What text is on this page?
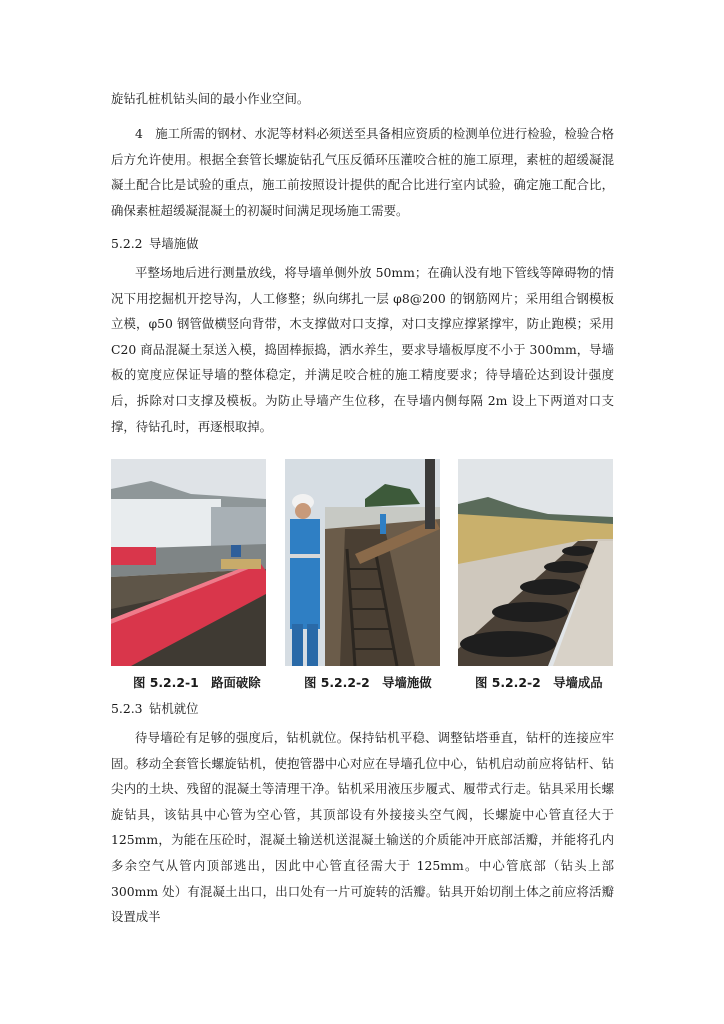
旋钻孔桩机钻头间的最小作业空间。
4　施工所需的钢材、水泥等材料必须送至具备相应资质的检测单位进行检验，检验合格后方允许使用。根据全套管长螺旋钻孔气压反循环压灌咬合桩的施工原理，素桩的超缓凝混凝土配合比是试验的重点，施工前按照设计提供的配合比进行室内试验，确定施工配合比，确保素桩超缓凝混凝土的初凝时间满足现场施工需要。
5.2.2 导墙施做
平整场地后进行测量放线，将导墙单侧外放 50mm；在确认没有地下管线等障碍物的情况下用挖掘机开挖导沟，人工修整；纵向绑扎一层 φ8@200 的钢筋网片；采用组合钢模板立模，φ50 钢管做横竖向背带，木支撑做对口支撑，对口支撑应撑紧撑牢，防止跑模；采用 C20 商品混凝土泵送入模，捣固棒振捣，洒水养生，要求导墙板厚度不小于 300mm，导墙板的宽度应保证导墙的整体稳定，并满足咬合桩的施工精度要求；待导墙砼达到设计强度后，拆除对口支撑及模板。为防止导墙产生位移，在导墙内侧每隔 2m 设上下两道对口支撑，待钻孔时，再逐根取掉。
图 5.2.2-1　路面破除	图 5.2.2-2　导墙施做	图 5.2.2-2　导墙成品
5.2.3 钻机就位
待导墙砼有足够的强度后，钻机就位。保持钻机平稳、调整钻塔垂直，钻杆的连接应牢固。移动全套管长螺旋钻机，使抱管器中心对应在导墙孔位中心，钻机启动前应将钻杆、钻尖内的土块、残留的混凝土等清理干净。钻机采用液压步履式、履带式行走。钻具采用长螺旋钻具，该钻具中心管为空心管，其顶部设有外接接头空气阀，长螺旋中心管直径大于 125mm，为能在压砼时，混凝土输送机送混凝土输送的介质能冲开底部活瓣，并能将孔内多余空气从管内顶部逃出，因此中心管直径需大于 125mm。中心管底部（钻头上部 300mm 处）有混凝土出口，出口处有一片可旋转的活瓣。钻具开始切削土体之前应将活瓣设置成半
